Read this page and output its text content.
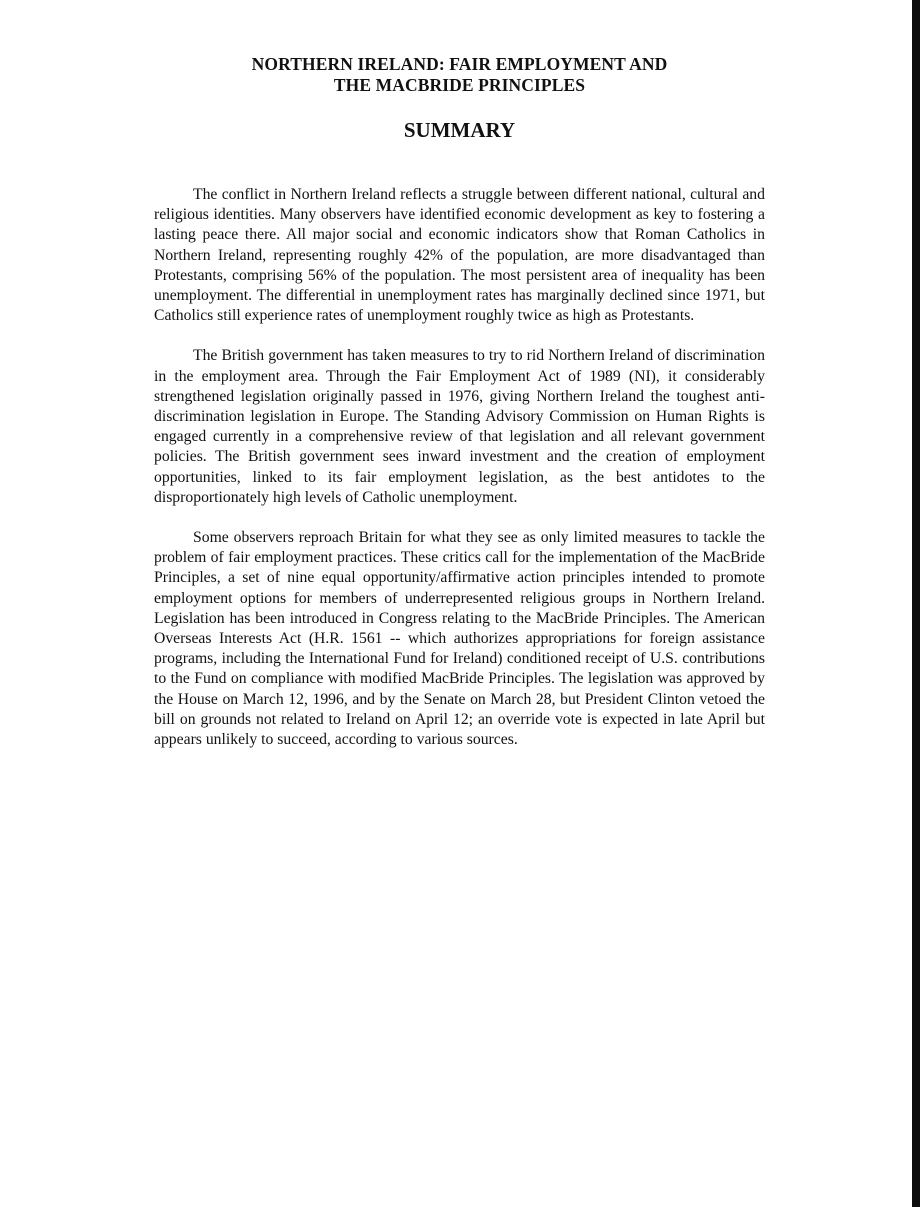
NORTHERN IRELAND: FAIR EMPLOYMENT AND
THE MACBRIDE PRINCIPLES
SUMMARY

The conflict in Northern Ireland reflects a struggle between different national, cultural and religious identities. Many observers have identified economic development as key to fostering a lasting peace there. All major social and economic indicators show that Roman Catholics in Northern Ireland, representing roughly 42% of the population, are more disadvantaged than Protestants, comprising 56% of the population. The most persistent area of inequality has been unemployment. The differential in unemployment rates has marginally declined since 1971, but Catholics still experience rates of unemployment roughly twice as high as Protestants.

The British government has taken measures to try to rid Northern Ireland of discrimination in the employment area. Through the Fair Employment Act of 1989 (NI), it considerably strengthened legislation originally passed in 1976, giving Northern Ireland the toughest anti-discrimination legislation in Europe. The Standing Advisory Commission on Human Rights is engaged currently in a comprehensive review of that legislation and all relevant government policies. The British government sees inward investment and the creation of employment opportunities, linked to its fair employment legislation, as the best antidotes to the disproportionately high levels of Catholic unemployment.

Some observers reproach Britain for what they see as only limited measures to tackle the problem of fair employment practices. These critics call for the implementation of the MacBride Principles, a set of nine equal opportunity/affirmative action principles intended to promote employment options for members of underrepresented religious groups in Northern Ireland. Legislation has been introduced in Congress relating to the MacBride Principles. The American Overseas Interests Act (H.R. 1561 -- which authorizes appropriations for foreign assistance programs, including the International Fund for Ireland) conditioned receipt of U.S. contributions to the Fund on compliance with modified MacBride Principles. The legislation was approved by the House on March 12, 1996, and by the Senate on March 28, but President Clinton vetoed the bill on grounds not related to Ireland on April 12; an override vote is expected in late April but appears unlikely to succeed, according to various sources.
